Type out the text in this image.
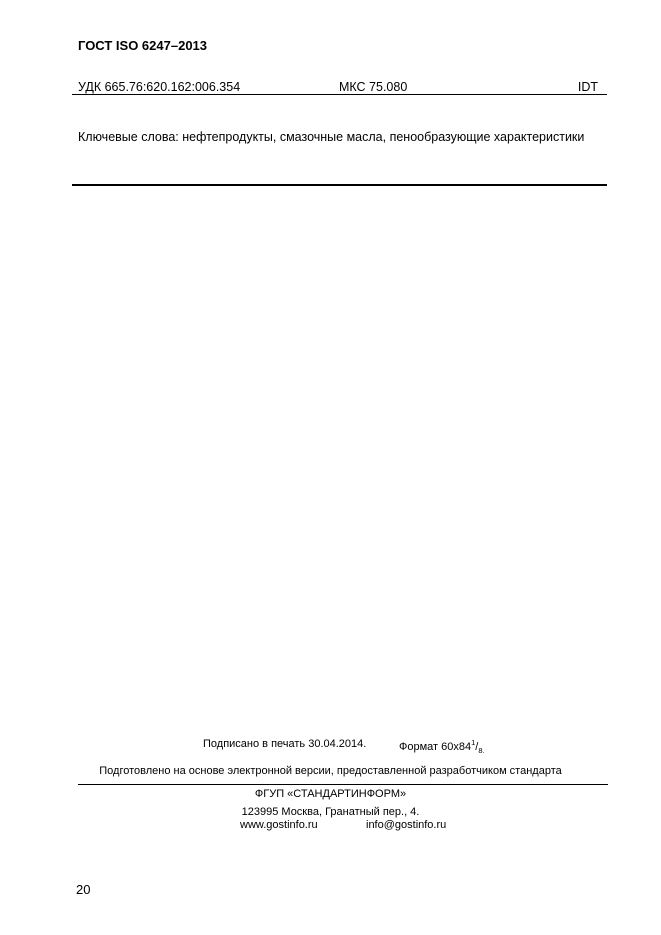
ГОСТ ISO 6247–2013
УДК 665.76:620.162:006.354	МКС 75.080	IDT
Ключевые слова: нефтепродукты, смазочные масла, пенообразующие характеристики
Подписано в печать 30.04.2014.	Формат $60х84^1/_{8.}$
Подготовлено на основе электронной версии, предоставленной разработчиком стандарта
ФГУП «СТАНДАРТИНФОРМ»
123995 Москва, Гранатный пер., 4.
www.gostinfo.ru	info@gostinfo.ru
20
